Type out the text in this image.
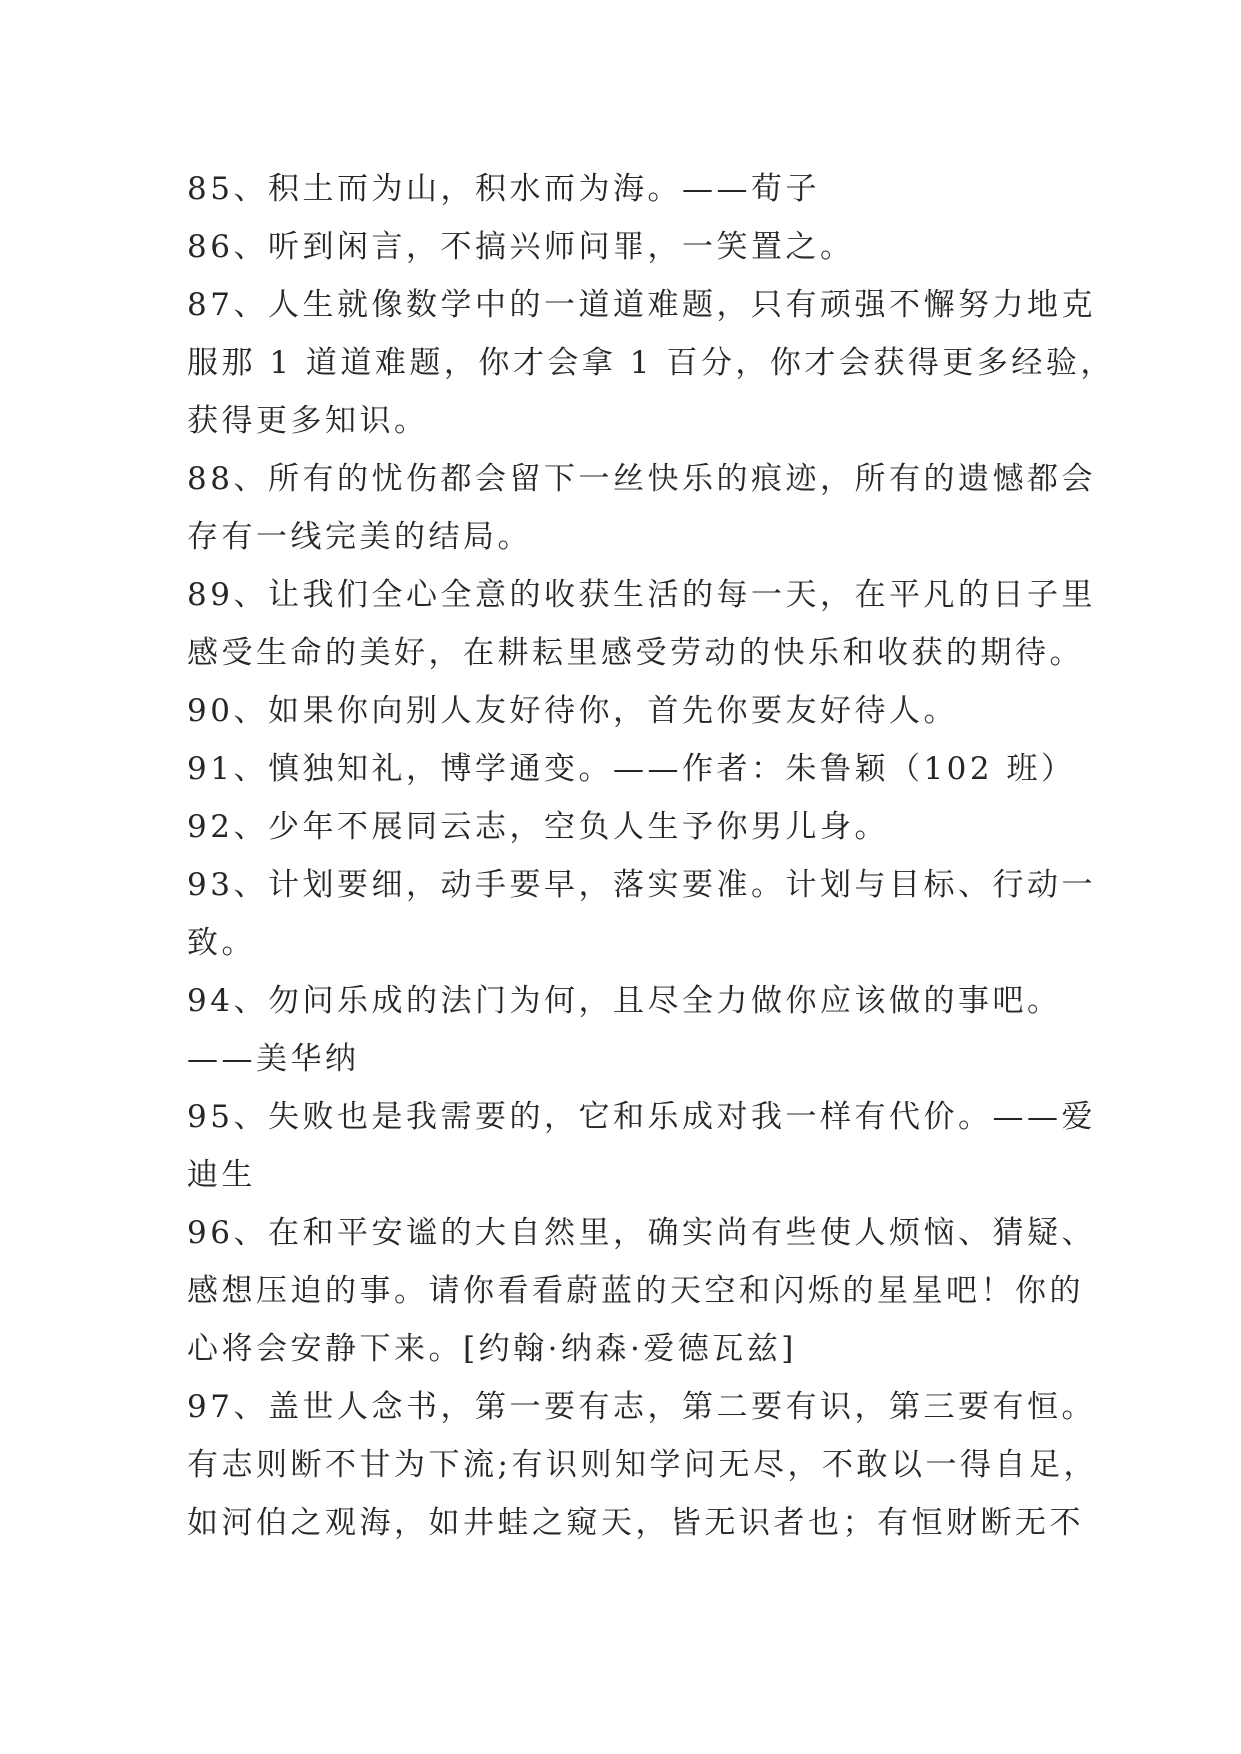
85、积土而为山，积水而为海。——荀子
86、听到闲言，不搞兴师问罪，一笑置之。
87、人生就像数学中的一道道难题，只有顽强不懈努力地克
服那 1 道道难题，你才会拿 1 百分，你才会获得更多经验，
获得更多知识。
88、所有的忧伤都会留下一丝快乐的痕迹，所有的遗憾都会
存有一线完美的结局。
89、让我们全心全意的收获生活的每一天，在平凡的日子里
感受生命的美好，在耕耘里感受劳动的快乐和收获的期待。
90、如果你向别人友好待你，首先你要友好待人。
91、慎独知礼，博学通变。——作者：朱鲁颖（102 班）
92、少年不展同云志，空负人生予你男儿身。
93、计划要细，动手要早，落实要准。计划与目标、行动一
致。
94、勿问乐成的法门为何，且尽全力做你应该做的事吧。
——美华纳
95、失败也是我需要的，它和乐成对我一样有代价。——爱
迪生
96、在和平安谧的大自然里，确实尚有些使人烦恼、猜疑、
感想压迫的事。请你看看蔚蓝的天空和闪烁的星星吧！你的
心将会安静下来。[约翰·纳森·爱德瓦兹]
97、盖世人念书，第一要有志，第二要有识，第三要有恒。
有志则断不甘为下流;有识则知学问无尽，不敢以一得自足，
如河伯之观海，如井蛙之窥天，皆无识者也；有恒财断无不
